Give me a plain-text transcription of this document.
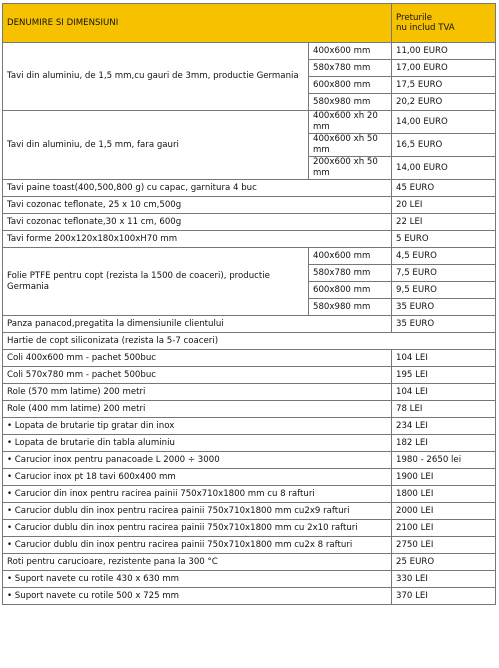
DENUMIRE SI DIMENSIUNI		Preturile
nu includ TVA
Tavi din aluminiu, de 1,5 mm,cu gauri de 3mm, productie Germania	400x600 mm	11,00 EURO
	580x780 mm	17,00 EURO
	600x800 mm	17,5 EURO
	580x980 mm	20,2 EURO
Tavi din aluminiu, de 1,5 mm, fara gauri	400x600 xh 20 mm	14,00 EURO
	400x600 xh 50 mm	16,5 EURO
	200x600 xh 50 mm	14,00 EURO
Tavi paine toast(400,500,800 g) cu capac, garnitura 4 buc		45 EURO
Tavi cozonac teflonate, 25 x 10 cm,500g		20 LEI
Tavi cozonac teflonate,30 x 11 cm, 600g		22 LEI
Tavi forme 200x120x180x100xH70 mm		5 EURO
Folie PTFE pentru copt (rezista la 1500 de coaceri), productie Germania	400x600 mm	4,5 EURO
	580x780 mm	7,5 EURO
	600x800 mm	9,5 EURO
	580x980 mm	35 EURO
Panza panacod,pregatita la dimensiunile clientului		35 EURO
Hartie de copt siliconizata (rezista la 5-7 coaceri)		
Coli 400x600 mm - pachet 500buc		104 LEI
Coli 570x780 mm - pachet 500buc		195 LEI
Role (570 mm latime) 200 metri		104 LEI
Role (400 mm latime) 200 metri		78 LEI
• Lopata de brutarie tip gratar din inox		234 LEI
• Lopata de brutarie din tabla aluminiu		182 LEI
• Carucior inox pentru panacoade L 2000 ÷ 3000		1980 - 2650 lei
• Carucior inox pt 18 tavi 600x400 mm		1900 LEI
• Carucior din inox pentru racirea painii 750x710x1800 mm cu 8 rafturi		1800 LEI
• Carucior dublu din inox pentru racirea painii 750x710x1800 mm cu2x9 rafturi		2000 LEI
• Carucior dublu din inox pentru racirea painii 750x710x1800 mm cu 2x10 rafturi		2100 LEI
• Carucior dublu din inox pentru racirea painii 750x710x1800 mm cu2x 8 rafturi		2750 LEI
Roti pentru carucioare, rezistente pana la 300 °C		25 EURO
• Suport navete cu rotile 430 x 630 mm		330 LEI
• Suport navete cu rotile 500 x 725 mm		370 LEI
